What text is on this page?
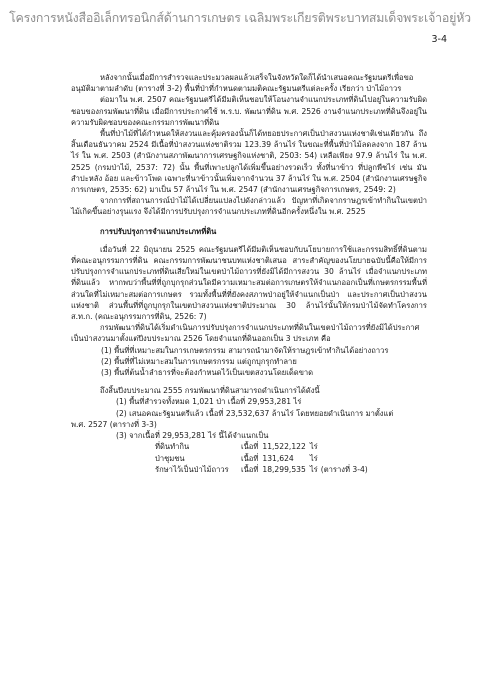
โครงการหนังสืออิเล็กทรอนิกส์ด้านการเกษตร เฉลิมพระเกียรติพระบาทสมเด็จพระเจ้าอยู่หัว
3-4

หลังจากนั้นเมื่อมีการสำรวจและประมวลผลแล้วเสร็จในจังหวัดใดก็ได้นำเสนอคณะรัฐมนตรีเพื่อขออนุมัติมาตามลำดับ (ตารางที่ 3-2) พื้นที่ป่าที่กำหนดตามมติคณะรัฐมนตรีแต่ละครั้ง เรียกว่า ป่าไม้ถาวร

ต่อมาใน พ.ศ. 2507 คณะรัฐมนตรีได้มีมติเห็นชอบให้โอนงานจำแนกประเภทที่ดินไปอยู่ในความรับผิดชอบของกรมพัฒนาที่ดิน เมื่อมีการประกาศใช้ พ.ร.บ. พัฒนาที่ดิน พ.ศ. 2526 งานจำแนกประเภทที่ดินจึงอยู่ในความรับผิดชอบของคณะกรรมการพัฒนาที่ดิน

พื้นที่ป่าไม้ที่ได้กำหนดให้สงวนและคุ้มครองนั้นก็ได้ทยอยประกาศเป็นป่าสงวนแห่งชาติเช่นเดียวกัน ถึงสิ้นเดือนธันวาคม 2524 มีเนื้อที่ป่าสงวนแห่งชาติรวม 123.39 ล้านไร่ ในขณะที่พื้นที่ป่าไม้ลดลงจาก 187 ล้านไร่ ใน พ.ศ. 2503 (สำนักงานสภาพัฒนาการเศรษฐกิจแห่งชาติ, 2503: 54) เหลือเพียง 97.9 ล้านไร่ ใน พ.ศ. 2525 (กรมป่าไม้, 2537: 72) นั้น พื้นที่เพาะปลูกได้เพิ่มขึ้นอย่างรวดเร็ว ทั้งที่นาข้าว ที่ปลูกพืชไร่ เช่น มันสำปะหลัง อ้อย และข้าวโพด เฉพาะที่นาข้าวนั้นเพิ่มจากจำนวน 37 ล้านไร่ ใน พ.ศ. 2504 (สำนักงานเศรษฐกิจการเกษตร, 2535: 62) มาเป็น 57 ล้านไร่ ใน พ.ศ. 2547 (สำนักงานเศรษฐกิจการเกษตร, 2549: 2)

จากการที่สถานการณ์ป่าไม้ได้เปลี่ยนแปลงไปดังกล่าวแล้ว ปัญหาที่เกิดจากราษฎรเข้าทำกินในเขตป่าไม้เกิดขึ้นอย่างรุนแรง จึงได้มีการปรับปรุงการจำแนกประเภทที่ดินอีกครั้งหนึ่งใน พ.ศ. 2525

การปรับปรุงการจำแนกประเภทที่ดิน

เมื่อวันที่ 22 มิถุนายน 2525 คณะรัฐมนตรีได้มีมติเห็นชอบกับนโยบายการใช้และกรรมสิทธิ์ที่ดินตามที่คณะอนุกรรมการที่ดิน คณะกรรมการพัฒนาชนบทแห่งชาติเสนอ สาระสำคัญของนโยบายฉบับนี้คือให้มีการปรับปรุงการจำแนกประเภทที่ดินเสียใหม่ในเขตป่าไม้ถาวรที่ยังมิได้มีการสงวน 30 ล้านไร่ เมื่อจำแนกประเภทที่ดินแล้ว หากพบว่าพื้นที่ที่ถูกบุกรุกส่วนใดมีความเหมาะสมต่อการเกษตรให้จำแนกออกเป็นที่เกษตรกรรมพื้นที่ส่วนใดที่ไม่เหมาะสมต่อการเกษตร รวมทั้งพื้นที่ที่ยังคงสภาพป่าอยู่ให้จำแนกเป็นป่า และประกาศเป็นป่าสงวนแห่งชาติ ส่วนพื้นที่ที่ถูกบุกรุกในเขตป่าสงวนแห่งชาติประมาณ 30 ล้านไร่นั้นให้กรมป่าไม้จัดทำโครงการ ส.ท.ก. (คณะอนุกรรมการที่ดิน, 2526: 7)

กรมพัฒนาที่ดินได้เริ่มดำเนินการปรับปรุงการจำแนกประเภทที่ดินในเขตป่าไม้ถาวรที่ยังมิได้ประกาศเป็นป่าสงวนมาตั้งแต่ปีงบประมาณ 2526 โดยจำแนกที่ดินออกเป็น 3 ประเภท คือ

(1) พื้นที่ที่เหมาะสมในการเกษตรกรรม สามารถนำมาจัดให้ราษฎรเข้าทำกินได้อย่างถาวร

(2) พื้นที่ที่ไม่เหมาะสมในการเกษตรกรรม แต่ถูกบุกรุกทำลาย

(3) พื้นที่ต้นน้ำลำธารที่จะต้องกำหนดไว้เป็นเขตสงวนโดยเด็ดขาด

ถึงสิ้นปีงบประมาณ 2555 กรมพัฒนาที่ดินสามารถดำเนินการได้ดังนี้

(1) พื้นที่สำรวจทั้งหมด 1,021 ป่า เนื้อที่ 29,953,281 ไร่

(2) เสนอคณะรัฐมนตรีแล้ว เนื้อที่ 23,532,637 ล้านไร่ โดยทยอยดำเนินการ มาตั้งแต่

พ.ศ. 2527 (ตารางที่ 3-3)

(3) จากเนื้อที่ 29,953,281 ไร่ นี้ได้จำแนกเป็น

ที่ดินทำกิน	เนื้อที่	11,522,122	ไร่	
ป่าชุมชน	เนื้อที่	131,624	ไร่	
รักษาไว้เป็นป่าไม้ถาวร	เนื้อที่	18,299,535	ไร่	(ตารางที่ 3-4)
